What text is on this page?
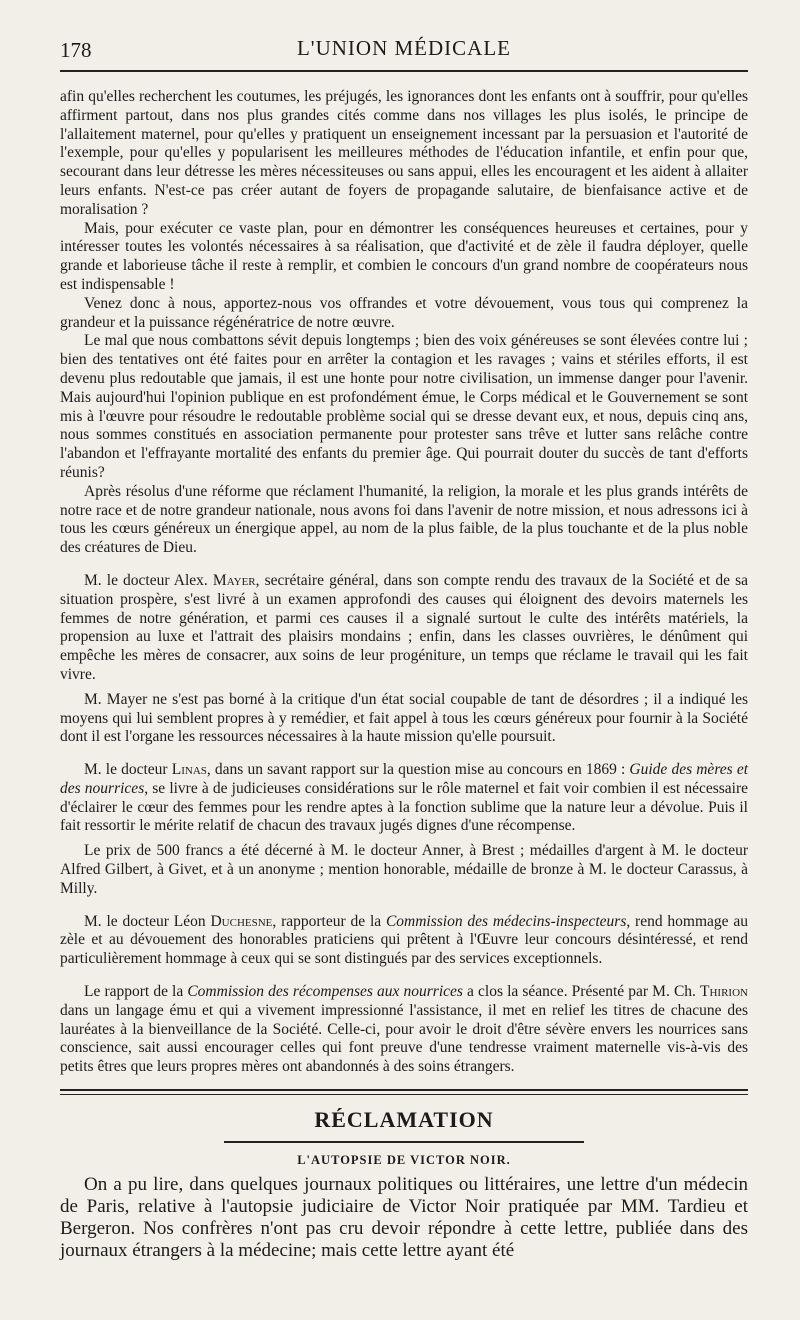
178	L'UNION MÉDICALE

afin qu'elles recherchent les coutumes, les préjugés, les ignorances dont les enfants ont à souffrir, pour qu'elles affirment partout, dans nos plus grandes cités comme dans nos villages les plus isolés, le principe de l'allaitement maternel, pour qu'elles y pratiquent un enseignement incessant par la persuasion et l'autorité de l'exemple, pour qu'elles y popularisent les meilleures méthodes de l'éducation infantile, et enfin pour que, secourant dans leur détresse les mères nécessiteuses ou sans appui, elles les encouragent et les aident à allaiter leurs enfants. N'est-ce pas créer autant de foyers de propagande salutaire, de bienfaisance active et de moralisation ?

Mais, pour exécuter ce vaste plan, pour en démontrer les conséquences heureuses et certaines, pour y intéresser toutes les volontés nécessaires à sa réalisation, que d'activité et de zèle il faudra déployer, quelle grande et laborieuse tâche il reste à remplir, et combien le concours d'un grand nombre de coopérateurs nous est indispensable !

Venez donc à nous, apportez-nous vos offrandes et votre dévouement, vous tous qui comprenez la grandeur et la puissance régénératrice de notre œuvre.

Le mal que nous combattons sévit depuis longtemps ; bien des voix généreuses se sont élevées contre lui ; bien des tentatives ont été faites pour en arrêter la contagion et les ravages ; vains et stériles efforts, il est devenu plus redoutable que jamais, il est une honte pour notre civilisation, un immense danger pour l'avenir. Mais aujourd'hui l'opinion publique en est profondément émue, le Corps médical et le Gouvernement se sont mis à l'œuvre pour résoudre le redoutable problème social qui se dresse devant eux, et nous, depuis cinq ans, nous sommes constitués en association permanente pour protester sans trêve et lutter sans relâche contre l'abandon et l'effrayante mortalité des enfants du premier âge. Qui pourrait douter du succès de tant d'efforts réunis?

Après résolus d'une réforme que réclament l'humanité, la religion, la morale et les plus grands intérêts de notre race et de notre grandeur nationale, nous avons foi dans l'avenir de notre mission, et nous adressons ici à tous les cœurs généreux un énergique appel, au nom de la plus faible, de la plus touchante et de la plus noble des créatures de Dieu.

M. le docteur Alex. Mayer, secrétaire général, dans son compte rendu des travaux de la Société et de sa situation prospère, s'est livré à un examen approfondi des causes qui éloignent des devoirs maternels les femmes de notre génération, et parmi ces causes il a signalé surtout le culte des intérêts matériels, la propension au luxe et l'attrait des plaisirs mondains ; enfin, dans les classes ouvrières, le dénûment qui empêche les mères de consacrer, aux soins de leur progéniture, un temps que réclame le travail qui les fait vivre.

M. Mayer ne s'est pas borné à la critique d'un état social coupable de tant de désordres ; il a indiqué les moyens qui lui semblent propres à y remédier, et fait appel à tous les cœurs généreux pour fournir à la Société dont il est l'organe les ressources nécessaires à la haute mission qu'elle poursuit.

M. le docteur Linas, dans un savant rapport sur la question mise au concours en 1869 : Guide des mères et des nourrices, se livre à de judicieuses considérations sur le rôle maternel et fait voir combien il est nécessaire d'éclairer le cœur des femmes pour les rendre aptes à la fonction sublime que la nature leur a dévolue. Puis il fait ressortir le mérite relatif de chacun des travaux jugés dignes d'une récompense.

Le prix de 500 francs a été décerné à M. le docteur Anner, à Brest ; médailles d'argent à M. le docteur Alfred Gilbert, à Givet, et à un anonyme ; mention honorable, médaille de bronze à M. le docteur Carassus, à Milly.

M. le docteur Léon Duchesne, rapporteur de la Commission des médecins-inspecteurs, rend hommage au zèle et au dévouement des honorables praticiens qui prêtent à l'Œuvre leur concours désintéressé, et rend particulièrement hommage à ceux qui se sont distingués par des services exceptionnels.

Le rapport de la Commission des récompenses aux nourrices a clos la séance. Présenté par M. Ch. Thirion dans un langage ému et qui a vivement impressionné l'assistance, il met en relief les titres de chacune des lauréates à la bienveillance de la Société. Celle-ci, pour avoir le droit d'être sévère envers les nourrices sans conscience, sait aussi encourager celles qui font preuve d'une tendresse vraiment maternelle vis-à-vis des petits êtres que leurs propres mères ont abandonnés à des soins étrangers.

RÉCLAMATION
L'AUTOPSIE DE VICTOR NOIR.

On a pu lire, dans quelques journaux politiques ou littéraires, une lettre d'un médecin de Paris, relative à l'autopsie judiciaire de Victor Noir pratiquée par MM. Tardieu et Bergeron. Nos confrères n'ont pas cru devoir répondre à cette lettre, publiée dans des journaux étrangers à la médecine; mais cette lettre ayant été
